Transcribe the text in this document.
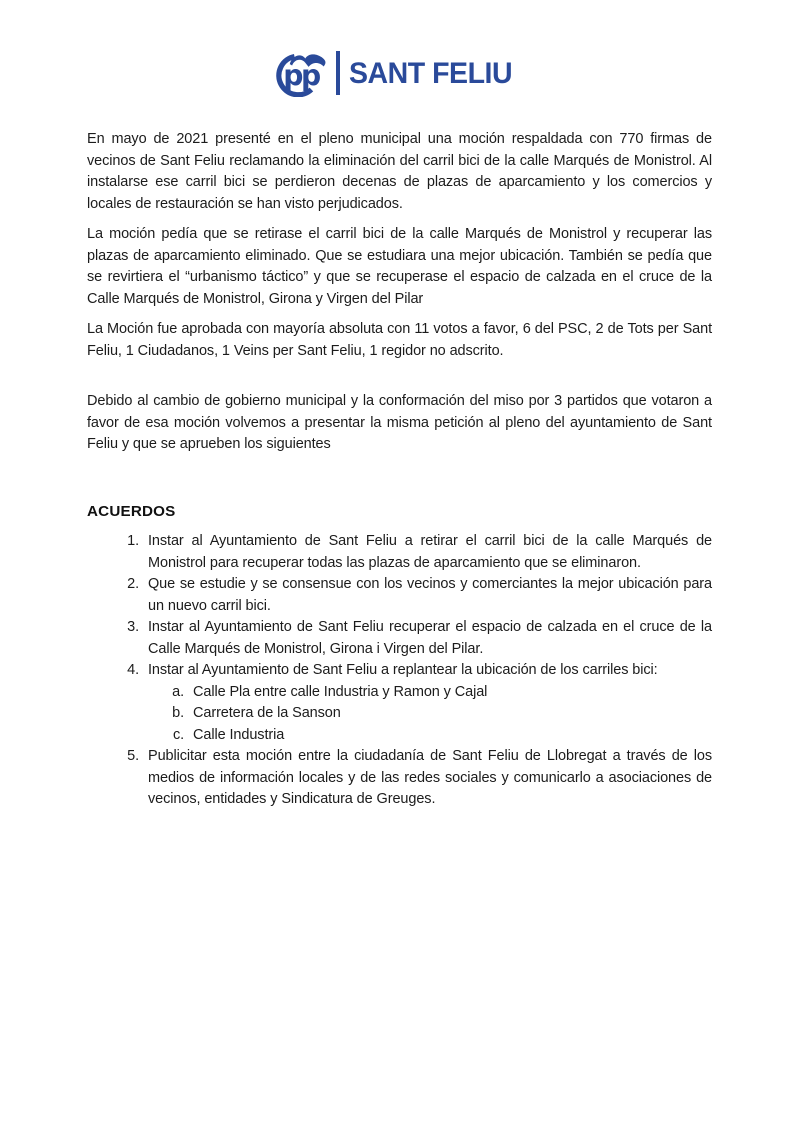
pp SANT FELIU

En mayo de 2021 presenté en el pleno municipal una moción respaldada con 770 firmas de vecinos de Sant Feliu reclamando la eliminación del carril bici de la calle Marqués de Monistrol. Al instalarse ese carril bici se perdieron decenas de plazas de aparcamiento y los comercios y locales de restauración se han visto perjudicados.

La moción pedía que se retirase el carril bici de la calle Marqués de Monistrol y recuperar las plazas de aparcamiento eliminado. Que se estudiara una mejor ubicación. También se pedía que se revirtiera el “urbanismo táctico” y que se recuperase el espacio de calzada en el cruce de la Calle Marqués de Monistrol, Girona y Virgen del Pilar

La Moción fue aprobada con mayoría absoluta con 11 votos a favor, 6 del PSC, 2 de Tots per Sant Feliu, 1 Ciudadanos, 1 Veins per Sant Feliu, 1 regidor no adscrito.

Debido al cambio de gobierno municipal y la conformación del miso por 3 partidos que votaron a favor de esa moción volvemos a presentar la misma petición al pleno del ayuntamiento de Sant Feliu y que se aprueben los siguientes

ACUERDOS
1. Instar al Ayuntamiento de Sant Feliu a retirar el carril bici de la calle Marqués de Monistrol para recuperar todas las plazas de aparcamiento que se eliminaron.
2. Que se estudie y se consensue con los vecinos y comerciantes la mejor ubicación para un nuevo carril bici.
3. Instar al Ayuntamiento de Sant Feliu recuperar el espacio de calzada en el cruce de la Calle Marqués de Monistrol, Girona i Virgen del Pilar.
4. Instar al Ayuntamiento de Sant Feliu a replantear la ubicación de los carriles bici:
a. Calle Pla entre calle Industria y Ramon y Cajal
b. Carretera de la Sanson
c. Calle Industria
5. Publicitar esta moción entre la ciudadanía de Sant Feliu de Llobregat a través de los medios de información locales y de las redes sociales y comunicarlo a asociaciones de vecinos, entidades y Sindicatura de Greuges.
